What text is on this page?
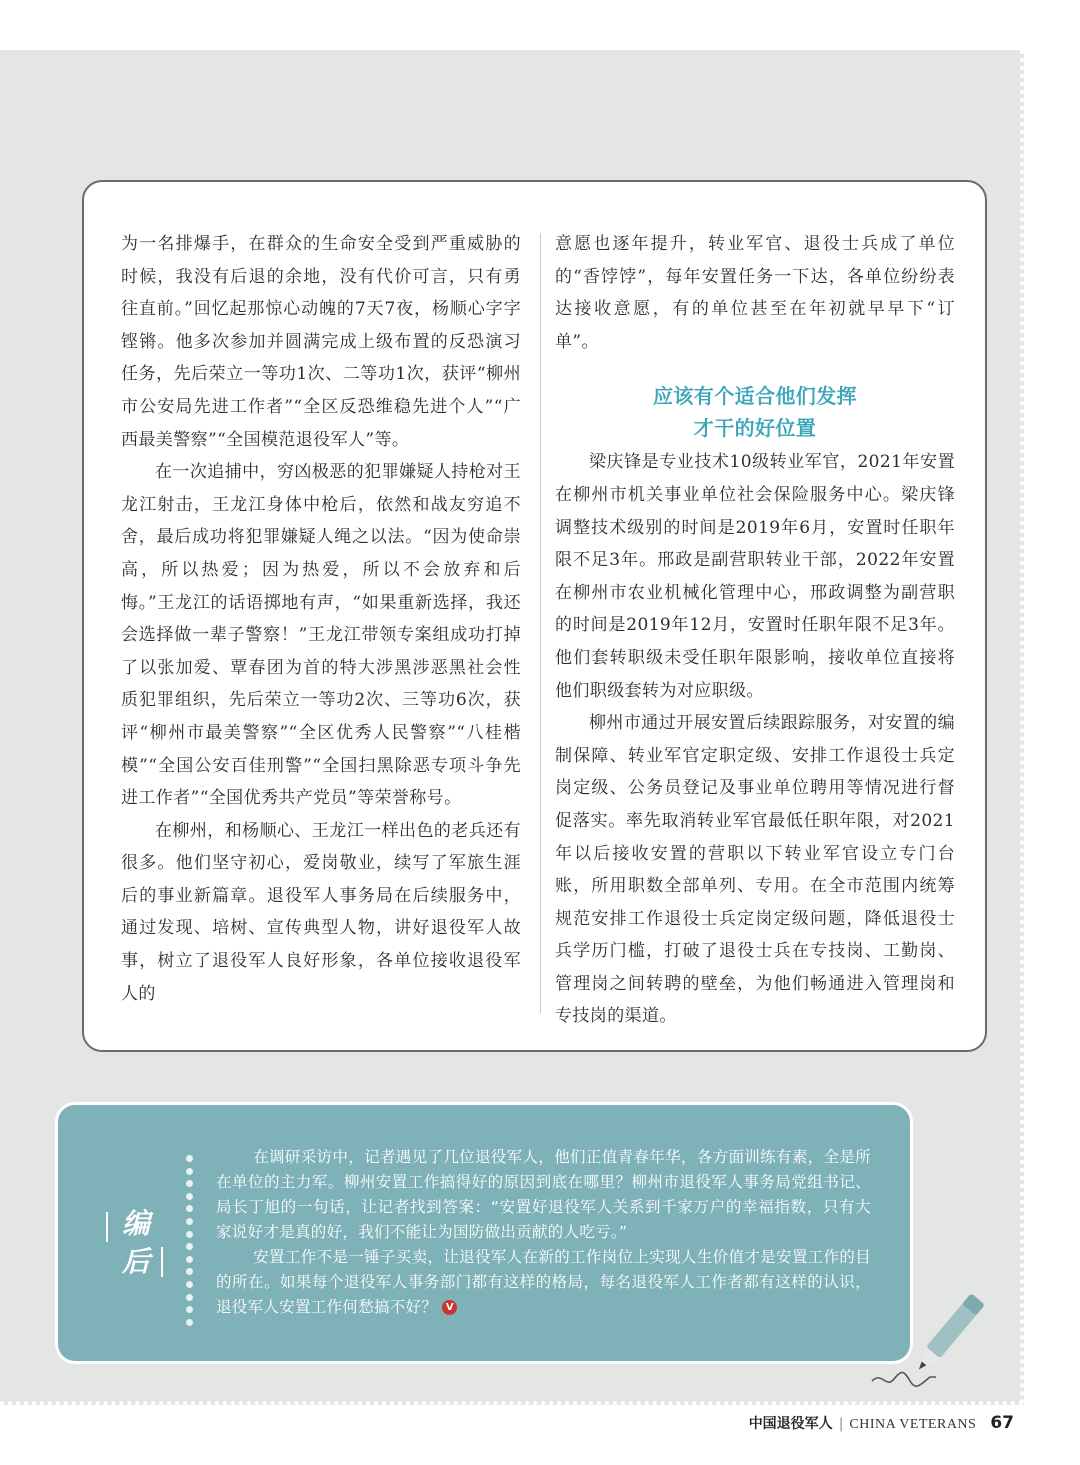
为一名排爆手，在群众的生命安全受到严重威胁的时候，我没有后退的余地，没有代价可言，只有勇往直前。”回忆起那惊心动魄的7天7夜，杨顺心字字铿锵。他多次参加并圆满完成上级布置的反恐演习任务，先后荣立一等功1次、二等功1次，获评“柳州市公安局先进工作者”“全区反恐维稳先进个人”“广西最美警察”“全国模范退役军人”等。

在一次追捕中，穷凶极恶的犯罪嫌疑人持枪对王龙江射击，王龙江身体中枪后，依然和战友穷追不舍，最后成功将犯罪嫌疑人绳之以法。“因为使命崇高，所以热爱；因为热爱，所以不会放弃和后悔。”王龙江的话语掷地有声，“如果重新选择，我还会选择做一辈子警察！”王龙江带领专案组成功打掉了以张加爱、覃春团为首的特大涉黑涉恶黑社会性质犯罪组织，先后荣立一等功2次、三等功6次，获评“柳州市最美警察”“全区优秀人民警察”“八桂楷模”“全国公安百佳刑警”“全国扫黑除恶专项斗争先进工作者”“全国优秀共产党员”等荣誉称号。

在柳州，和杨顺心、王龙江一样出色的老兵还有很多。他们坚守初心，爱岗敬业，续写了军旅生涯后的事业新篇章。退役军人事务局在后续服务中，通过发现、培树、宣传典型人物，讲好退役军人故事，树立了退役军人良好形象，各单位接收退役军人的

意愿也逐年提升，转业军官、退役士兵成了单位的“香饽饽”，每年安置任务一下达，各单位纷纷表达接收意愿，有的单位甚至在年初就早早下“订单”。

应该有个适合他们发挥
才干的好位置

梁庆锋是专业技术10级转业军官，2021年安置在柳州市机关事业单位社会保险服务中心。梁庆锋调整技术级别的时间是2019年6月，安置时任职年限不足3年。邢政是副营职转业干部，2022年安置在柳州市农业机械化管理中心，邢政调整为副营职的时间是2019年12月，安置时任职年限不足3年。他们套转职级未受任职年限影响，接收单位直接将他们职级套转为对应职级。

柳州市通过开展安置后续跟踪服务，对安置的编制保障、转业军官定职定级、安排工作退役士兵定岗定级、公务员登记及事业单位聘用等情况进行督促落实。率先取消转业军官最低任职年限，对2021年以后接收安置的营职以下转业军官设立专门台账，所用职数全部单列、专用。在全市范围内统筹规范安排工作退役士兵定岗定级问题，降低退役士兵学历门槛，打破了退役士兵在专技岗、工勤岗、管理岗之间转聘的壁垒，为他们畅通进入管理岗和专技岗的渠道。

编
后

在调研采访中，记者遇见了几位退役军人，他们正值青春年华，各方面训练有素，全是所在单位的主力军。柳州安置工作搞得好的原因到底在哪里？柳州市退役军人事务局党组书记、局长丁旭的一句话，让记者找到答案：“安置好退役军人关系到千家万户的幸福指数，只有大家说好才是真的好，我们不能让为国防做出贡献的人吃亏。”

安置工作不是一锤子买卖，让退役军人在新的工作岗位上实现人生价值才是安置工作的目的所在。如果每个退役军人事务部门都有这样的格局，每名退役军人工作者都有这样的认识，退役军人安置工作何愁搞不好？ V

中国退役军人 | CHINA VETERANS 67
